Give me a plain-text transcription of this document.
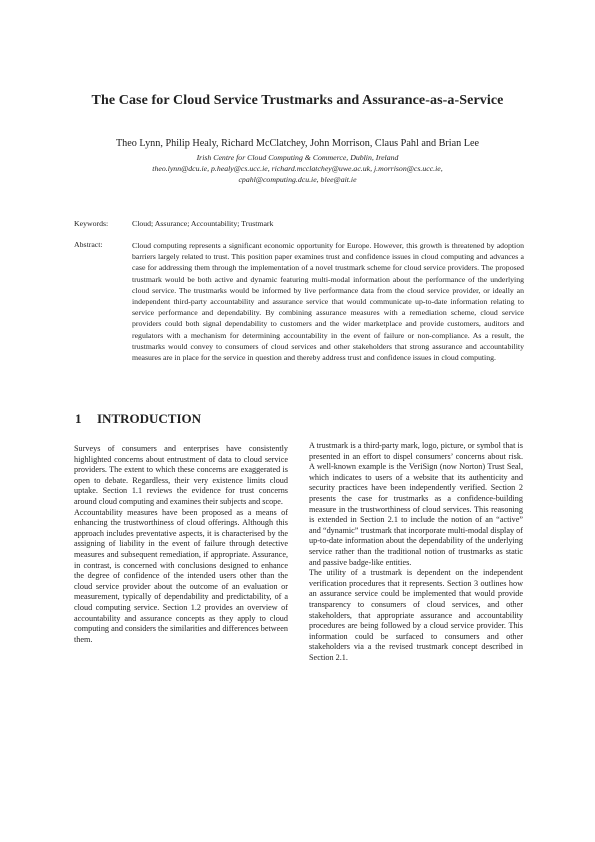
The Case for Cloud Service Trustmarks and Assurance-as-a-Service
Theo Lynn, Philip Healy, Richard McClatchey, John Morrison, Claus Pahl and Brian Lee
Irish Centre for Cloud Computing & Commerce, Dublin, Ireland
theo.lynn@dcu.ie, p.healy@cs.ucc.ie, richard.mcclatchey@uwe.ac.uk, j.morrison@cs.ucc.ie,
cpahl@computing.dcu.ie, blee@ait.ie
Keywords:	Cloud; Assurance; Accountability; Trustmark
Abstract:	Cloud computing represents a significant economic opportunity for Europe. However, this growth is threatened by adoption barriers largely related to trust. This position paper examines trust and confidence issues in cloud computing and advances a case for addressing them through the implementation of a novel trustmark scheme for cloud service providers. The proposed trustmark would be both active and dynamic featuring multi-modal information about the performance of the underlying cloud service. The trustmarks would be informed by live performance data from the cloud service provider, or ideally an independent third-party accountability and assurance service that would communicate up-to-date information relating to service performance and dependability. By combining assurance measures with a remediation scheme, cloud service providers could both signal dependability to customers and the wider marketplace and provide customers, auditors and regulators with a mechanism for determining accountability in the event of failure or non-compliance. As a result, the trustmarks would convey to consumers of cloud services and other stakeholders that strong assurance and accountability measures are in place for the service in question and thereby address trust and confidence issues in cloud computing.
1 INTRODUCTION

Surveys of consumers and enterprises have consistently highlighted concerns about entrustment of data to cloud service providers. The extent to which these concerns are exaggerated is open to debate. Regardless, their very existence limits cloud uptake. Section 1.1 reviews the evidence for trust concerns around cloud computing and examines their subjects and scope.

Accountability measures have been proposed as a means of enhancing the trustworthiness of cloud offerings. Although this approach includes preventative aspects, it is characterised by the assigning of liability in the event of failure through detective measures and subsequent remediation, if appropriate. Assurance, in contrast, is concerned with conclusions designed to enhance the degree of confidence of the intended users other than the cloud service provider about the outcome of an evaluation or measurement, typically of dependability and predictability, of a cloud computing service. Section 1.2 provides an overview of accountability and assurance concepts as they apply to cloud computing and considers the similarities and differences between them.

A trustmark is a third-party mark, logo, picture, or symbol that is presented in an effort to dispel consumers’ concerns about risk. A well-known example is the VeriSign (now Norton) Trust Seal, which indicates to users of a website that its authenticity and security practices have been independently verified. Section 2 presents the case for trustmarks as a confidence-building measure in the trustworthiness of cloud services. This reasoning is extended in Section 2.1 to include the notion of an “active” and “dynamic” trustmark that incorporate multi-modal display of up-to-date information about the dependability of the underlying service rather than the traditional notion of trustmarks as static and passive badge-like entities.

The utility of a trustmark is dependent on the independent verification procedures that it represents. Section 3 outlines how an assurance service could be implemented that would provide transparency to consumers of cloud services, and other stakeholders, that appropriate assurance and accountability procedures are being followed by a cloud service provider. This information could be surfaced to consumers and other stakeholders via a the revised trustmark concept described in Section 2.1.
